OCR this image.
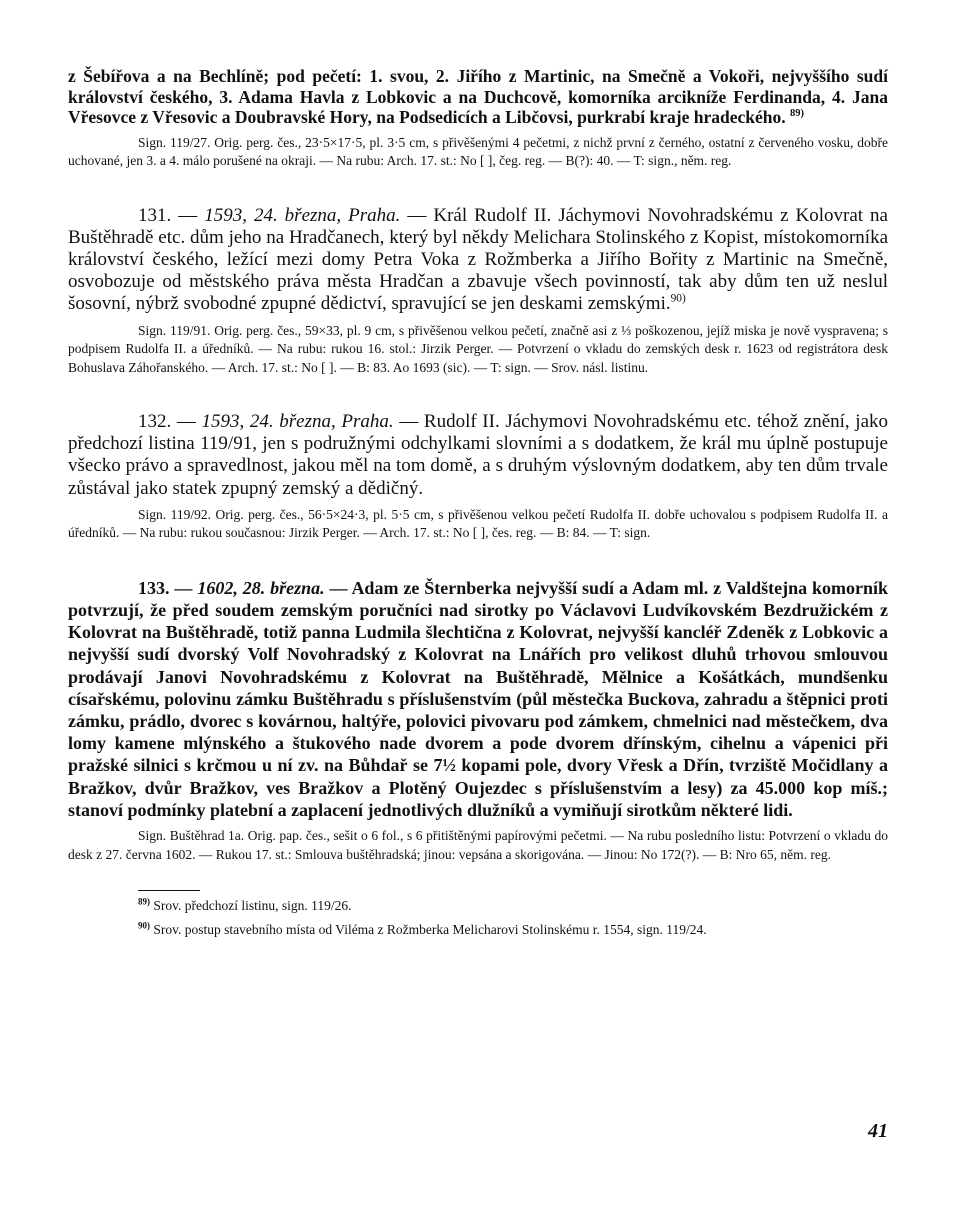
z Šebířova a na Bechlíně; pod pečetí: 1. svou, 2. Jiřího z Martinic, na Smečně a Vokoři, nejvyššího sudí království českého, 3. Adama Havla z Lobkovic a na Duchcově, komorníka arcikníže Ferdinanda, 4. Jana Vřesovce z Vřesovic a Doubravské Hory, na Podsedicích a Libčovsi, purkrabí kraje hradeckého. $^{89)}$

Sign. 119/27. Orig. perg. čes., 23·5×17·5, pl. 3·5 cm, s přivěšenými 4 pečetmi, z nichž první z černého, ostatní z červeného vosku, dobře uchované, jen 3. a 4. málo porušené na okraji. — Na rubu: Arch. 17. st.: No [ ], čeg. reg. — B(?): 40. — T: sign., něm. reg.

131. — 1593, 24. března, Praha. — Král Rudolf II. Jáchymovi Novohradskému z Kolovrat na Buštěhradě etc. dům jeho na Hradčanech, který byl někdy Melichara Stolinského z Kopist, místokomorníka království českého, ležící mezi domy Petra Voka z Rožmberka a Jiřího Bořity z Martinic na Smečně, osvobozuje od městského práva města Hradčan a zbavuje všech povinností, tak aby dům ten už neslul šosovní, nýbrž svobodné zpupné dědictví, spravující se jen deskami zemskými.$^{90)}$

Sign. 119/91. Orig. perg. čes., 59×33, pl. 9 cm, s přivěšenou velkou pečetí, značně asi z ⅓ poškozenou, jejíž miska je nově vyspravena; s podpisem Rudolfa II. a úředníků. — Na rubu: rukou 16. stol.: Jirzik Perger. — Potvrzení o vkladu do zemských desk r. 1623 od registrátora desk Bohuslava Záhořanského. — Arch. 17. st.: No [ ]. — B: 83. Ao 1693 (sic). — T: sign. — Srov. násl. listinu.

132. — 1593, 24. března, Praha. — Rudolf II. Jáchymovi Novohradskému etc. téhož znění, jako předchozí listina 119/91, jen s podružnými odchylkami slovními a s dodatkem, že král mu úplně postupuje všecko právo a spravedlnost, jakou měl na tom domě, a s druhým výslovným dodatkem, aby ten dům trvale zůstával jako statek zpupný zemský a dědičný.

Sign. 119/92. Orig. perg. čes., 56·5×24·3, pl. 5·5 cm, s přivěšenou velkou pečetí Rudolfa II. dobře uchovalou s podpisem Rudolfa II. a úředníků. — Na rubu: rukou současnou: Jirzik Perger. — Arch. 17. st.: No [ ], čes. reg. — B: 84. — T: sign.

133. — 1602, 28. března. — Adam ze Šternberka nejvyšší sudí a Adam ml. z Valdštejna komorník potvrzují, že před soudem zemským poručníci nad sirotky po Václavovi Ludvíkovském Bezdružickém z Kolovrat na Buštěhradě, totiž panna Ludmila šlechtična z Kolovrat, nejvyšší kancléř Zdeněk z Lobkovic a nejvyšší sudí dvorský Volf Novohradský z Kolovrat na Lnářích pro velikost dluhů trhovou smlouvou prodávají Janovi Novohradskému z Kolovrat na Buštěhradě, Mělnice a Košátkách, mundšenku císařskému, polovinu zámku Buštěhradu s příslušenstvím (půl městečka Buckova, zahradu a štěpnici proti zámku, prádlo, dvorec s kovárnou, haltýře, polovici pivovaru pod zámkem, chmelnici nad městečkem, dva lomy kamene mlýnského a štukového nade dvorem a pode dvorem dřínským, cihelnu a vápenici při pražské silnici s krčmou u ní zv. na Bůhdař se 7½ kopami pole, dvory Vřesk a Dřín, tvrziště Močidlany a Bražkov, dvůr Bražkov, ves Bražkov a Plotěný Oujezdec s příslušenstvím a lesy) za 45.000 kop míš.; stanoví podmínky platební a zaplacení jednotlivých dlužníků a vymiňují sirotkům některé lidi.

Sign. Buštěhrad 1a. Orig. pap. čes., sešit o 6 fol., s 6 přitištěnými papírovými pečetmi. — Na rubu posledního listu: Potvrzení o vkladu do desk z 27. června 1602. — Rukou 17. st.: Smlouva buštěhradská; jinou: vepsána a skorigována. — Jinou: No 172(?). — B: Nro 65, něm. reg.

$^{89)}$ Srov. předchozí listinu, sign. 119/26.

$^{90)}$ Srov. postup stavebního místa od Viléma z Rožmberka Melicharovi Stolinskému r. 1554, sign. 119/24.

41
